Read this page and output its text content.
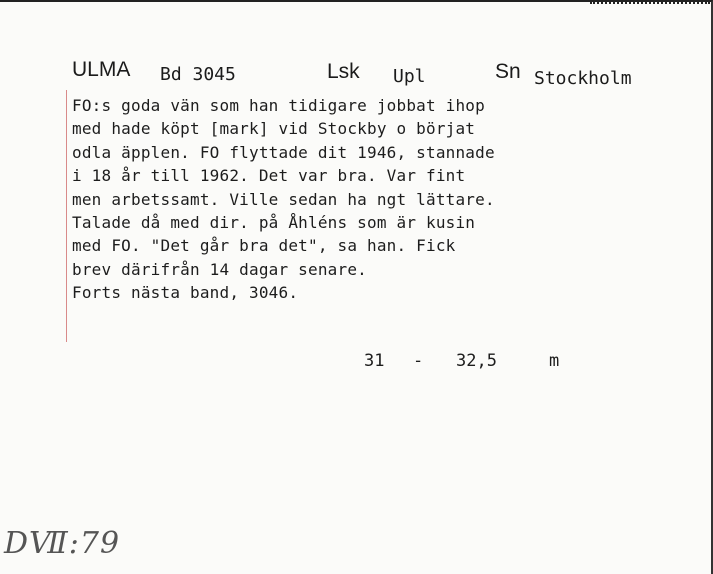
ULMA Bd 3045	Lsk Upl	Sn Stockholm
FO:s goda vän som han tidigare jobbat ihop
med hade köpt [mark] vid Stockby o börjat
odla äpplen. FO flyttade dit 1946, stannade
i 18 år till 1962. Det var bra. Var fint
men arbetssamt. Ville sedan ha ngt lättare.
Talade då med dir. på Åhléns som är kusin
med FO. "Det går bra det", sa han. Fick
brev därifrån 14 dagar senare.
Forts nästa band, 3046.
31 - 32,5	m
DⅦ:79
